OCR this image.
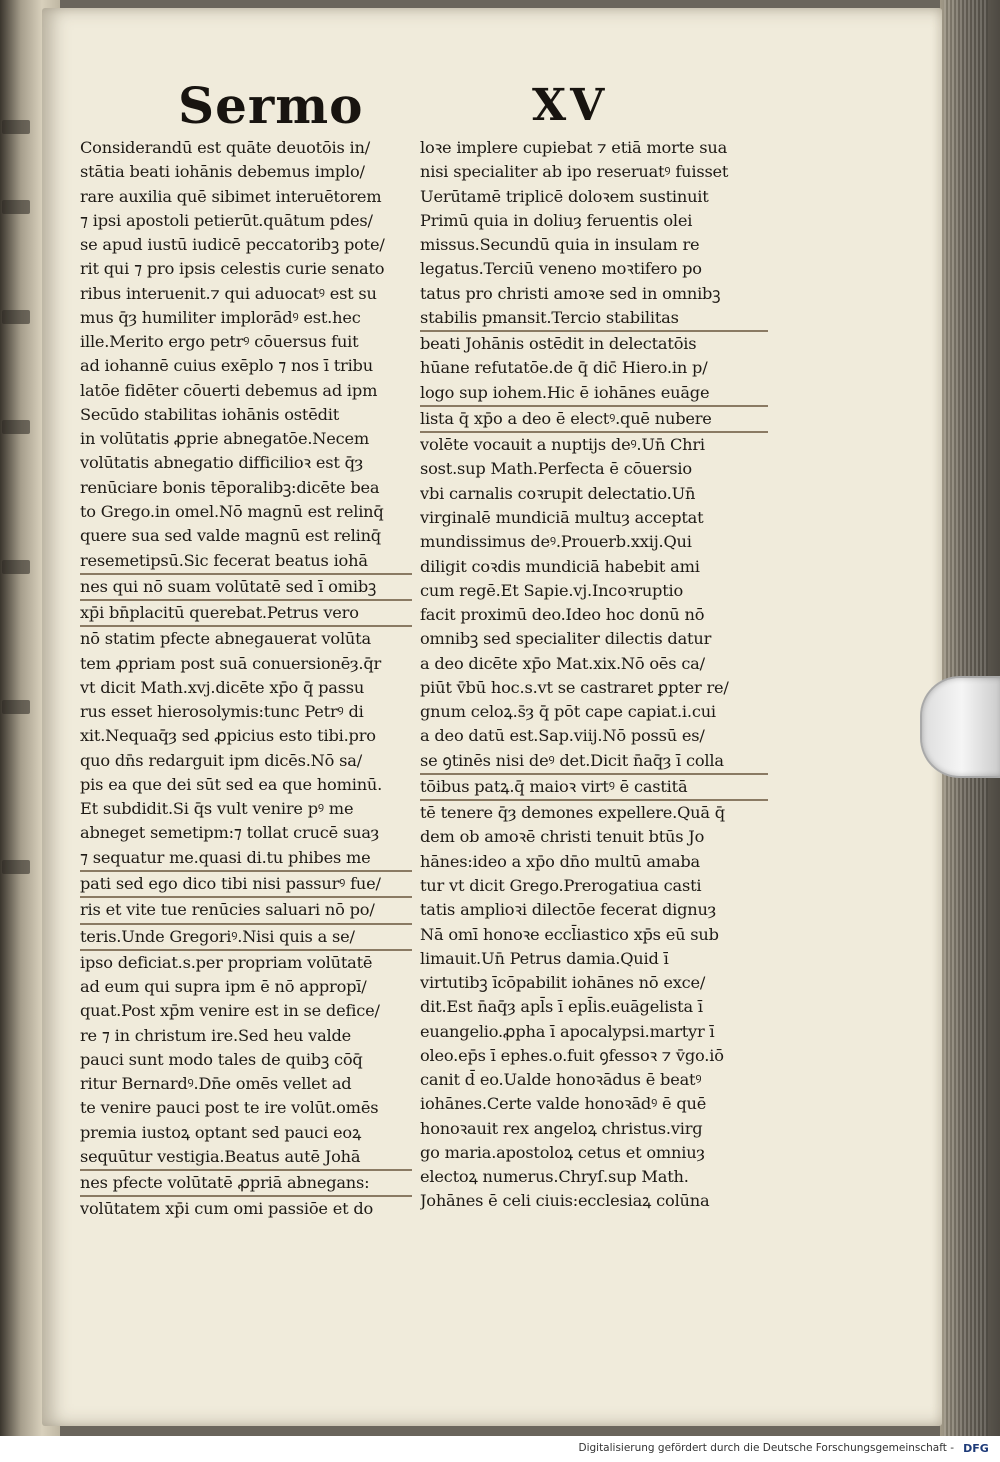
Sermo	XV
Considerandū est quāte deuotōis in/
stātia beati iohānis debemus implo/
rare auxilia quē sibimet interuētorem
⁊ ipsi apostoli petierūt.quātum pdes/
se apud iustū iudicē peccatoribꝫ pote/
rit qui ⁊ pro ipsis celestis curie senato
ribus interuenit.⁊ qui aduocatꝰ est su
mus q̄ȝ humiliter implorādꝰ est.hec
ille.Merito ergo petrꝰ cōuersus fuit
ad iohannē cuius exēplo ⁊ nos ī tribu
latōe fidēter cōuerti debemus ad ipm
Secūdo stabilitas iohānis ostēdit
in volūtatis ꝓprie abnegatōe.Necem
volūtatis abnegatio difficilioꝛ est q̄ȝ
renūciare bonis tēporalibꝫ:dicēte bea
to Grego.in omel.Nō magnū est relinq̄
quere sua sed valde magnū est relinq̄
resemetipsū.Sic fecerat beatus iohā
nes qui nō suam volūtatē sed ī omibꝫ
xp̄i bn̄placitū querebat.Petrus vero
nō statim pfecte abnegauerat volūta
tem ꝓpriam post suā conuersionēȝ.q̄r
vt dicit Math.xvj.dicēte xp̄o q̄ passu
rus esset hierosolymis:tunc Petrꝰ di
xit.Nequaq̄ȝ sed ꝓpicius esto tibi.pro
quo dn̄s redarguit ipm dicēs.Nō sa/
pis ea que dei sūt sed ea que hominū.
Et subdidit.Si q̄s vult venire pꝰ me
abneget semetipm:⁊ tollat crucē suaȝ
⁊ sequatur me.quasi di.tu phibes me
pati sed ego dico tibi nisi passurꝰ fue/
ris et vite tue renūcies saluari nō po/
teris.Unde Gregoriꝰ.Nisi quis a se/
ipso deficiat.s.per propriam volūtatē
ad eum qui supra ipm ē nō appropī/
quat.Post xp̄m venire est in se defice/
re ⁊ in christum ire.Sed heu valde
pauci sunt modo tales de quibꝫ cōq̄
ritur Bernardꝰ.Dn̄e omēs vellet ad
te venire pauci post te ire volūt.omēs
premia iustoꝝ optant sed pauci eoꝝ
sequūtur vestigia.Beatus autē Johā
nes pfecte volūtatē ꝓpriā abnegans:
volūtatem xp̄i cum omi passiōe et do
loꝛe implere cupiebat ⁊ etiā morte sua
nisi specialiter ab ipo reseruatꝰ fuisset
Uerūtamē triplicē doloꝛem sustinuit
Primū quia in doliuȝ feruentis olei
missus.Secundū quia in insulam re
legatus.Terciū veneno moꝛtifero po
tatus pro christi amoꝛe sed in omnibꝫ
stabilis pmansit.Tercio stabilitas
beati Johānis ostēdit in delectatōis
hūane refutatōe.de q̄ dic̄ Hiero.in p/
logo sup iohem.Hic ē iohānes euāge
lista q̄ xp̄o a deo ē electꝰ.quē nubere
volēte vocauit a nuptijs deꝰ.Un̄ Chri
sost.sup Math.Perfecta ē cōuersio
vbi carnalis coꝛrupit delectatio.Un̄
virginalē mundiciā multuȝ acceptat
mundissimus deꝰ.Prouerb.xxij.Qui
diligit coꝛdis mundiciā habebit ami
cum regē.Et Sapie.vj.Incoꝛruptio
facit proximū deo.Ideo hoc donū nō
omnibꝫ sed specialiter dilectis datur
a deo dicēte xp̄o Mat.xix.Nō oēs ca/
piūt v̄bū hoc.s.vt se castraret ꝑpter re/
gnum celoꝝ.s̄ȝ q̄ pōt cape capiat.i.cui
a deo datū est.Sap.viij.Nō possū es/
se ꝯtinēs nisi deꝰ det.Dicit n̄aq̄ȝ ī colla
tōibus patꝝ.q̄ maioꝛ virtꝰ ē castitā
tē tenere q̄ȝ demones expellere.Quā q̄
dem ob amoꝛē christi tenuit btūs Jo
hānes:ideo a xp̄o dn̄o multū amaba
tur vt dicit Grego.Prerogatiua casti
tatis amplioꝛi dilectōe fecerat dignuȝ
Nā omī honoꝛe eccl̄iastico xp̄s eū sub
limauit.Un̄ Petrus damia.Quid ī
virtutibꝫ īcōpabilit iohānes nō exce/
dit.Est n̄aq̄ȝ apl̄s ī epl̄is.euāgelista ī
euangelio.ꝓpha ī apocalypsi.martyr ī
oleo.ep̄s ī ephes.o.fuit ꝯfessoꝛ ⁊ v̄go.iō
canit d̄ eo.Ualde honoꝛādus ē beatꝰ
iohānes.Certe valde honoꝛādꝰ ē quē
honoꝛauit rex angeloꝝ christus.virɡ
go maria.apostoloꝝ cetus et omniuȝ
electoꝝ numerus.Chryſ.sup Math.
Johānes ē celi ciuis:ecclesiaꝝ colūna
Digitalisierung gefördert durch die Deutsche Forschungsgemeinschaft - DFG
